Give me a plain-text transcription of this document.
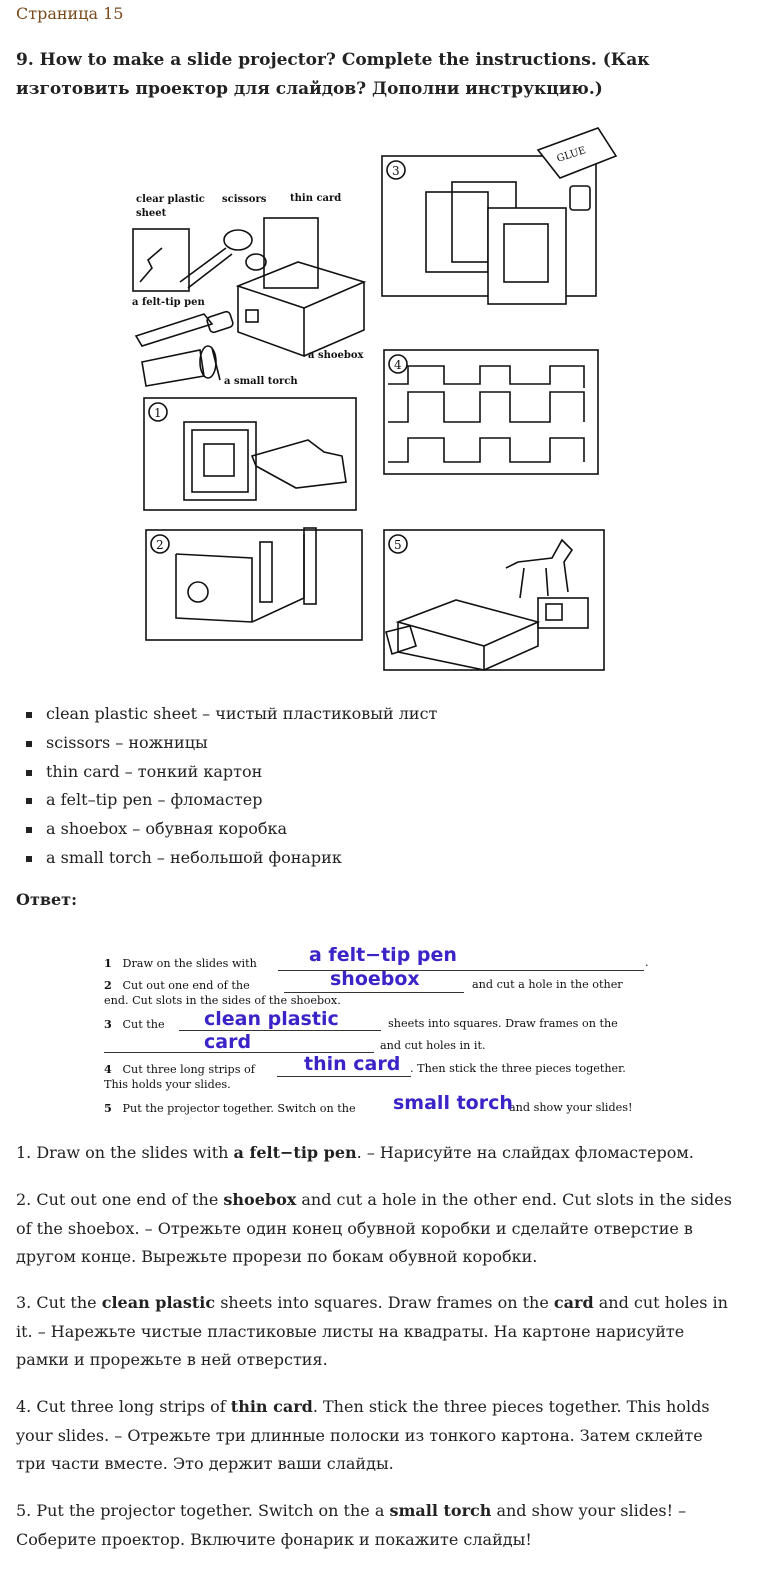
Страница 15
9. How to make a slide projector? Complete the instructions. (Как
изготовить проектор для слайдов? Дополни инструкцию.)
clear plastic
sheet
scissors thin card
a felt-tip pen
a shoebox
a small torch
3
GLUE
4
1
2	5
clean plastic sheet – чистый пластиковый лист
scissors – ножницы
thin card – тонкий картон
a felt–tip pen – фломастер
a shoebox – обувная коробка
a small torch – небольшой фонарик
Ответ:
1 Draw on the slides with	.
a felt−tip pen
2 Cut out one end of the	and cut a hole in the other
end. Cut slots in the sides of the shoebox.
shoebox
3 Cut the	sheets into squares. Draw frames on the
and cut holes in it.
clean plastic
card
4 Cut three long strips of	. Then stick the three pieces together.
This holds your slides.
thin card
5 Put the projector together. Switch on the	and show your slides!
small torch
1. Draw on the slides with a felt−tip pen. – Нарисуйте на слайдах фломастером.
2. Cut out one end of the shoebox and cut a hole in the other end. Cut slots in the sides of the shoebox. – Отрежьте один конец обувной коробки и сделайте отверстие в другом конце. Вырежьте прорези по бокам обувной коробки.
3. Cut the clean plastic sheets into squares. Draw frames on the card and cut holes in it. – Нарежьте чистые пластиковые листы на квадраты. На картоне нарисуйте рамки и прорежьте в ней отверстия.
4. Cut three long strips of thin card. Then stick the three pieces together. This holds your slides. – Отрежьте три длинные полоски из тонкого картона. Затем склейте три части вместе. Это держит ваши слайды.
5. Put the projector together. Switch on the a small torch and show your slides! – Соберите проектор. Включите фонарик и покажите слайды!
